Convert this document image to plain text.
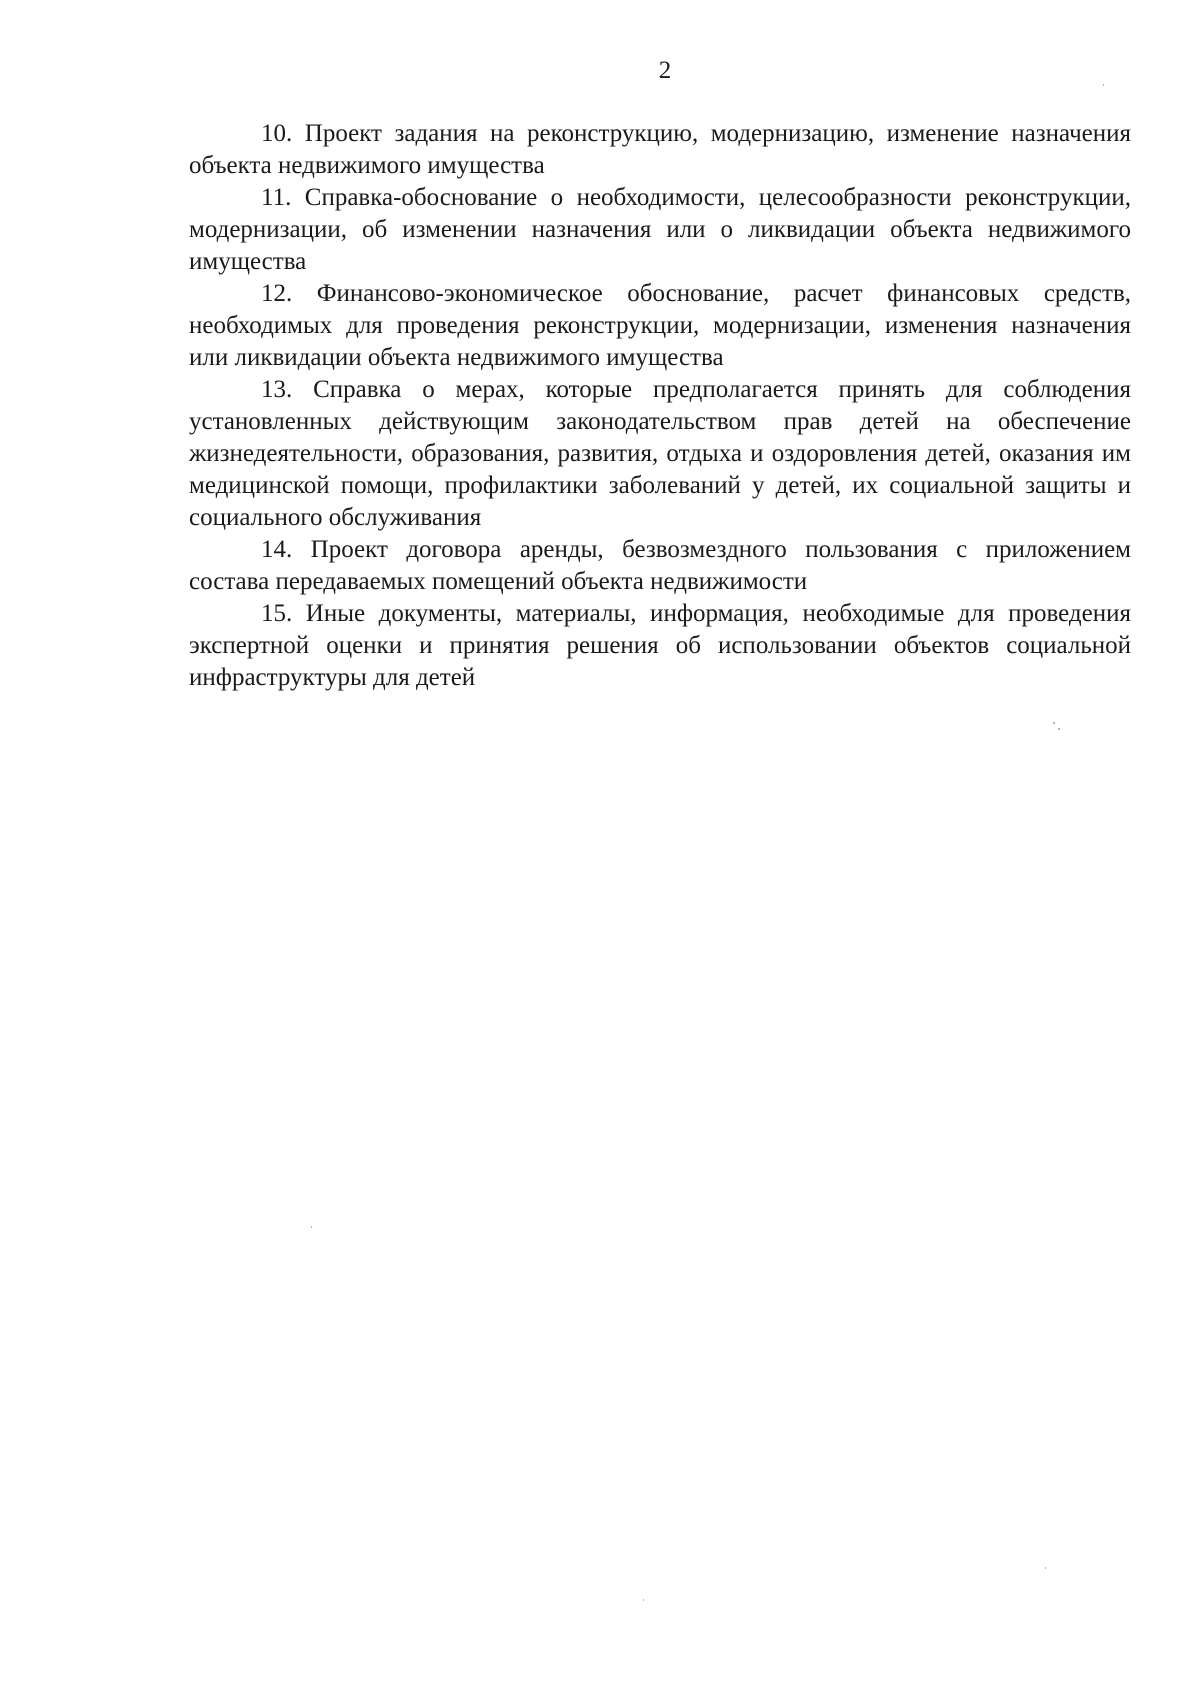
2

10. Проект задания на реконструкцию, модернизацию, изменение назначения объекта недвижимого имущества

11. Справка-обоснование о необходимости, целесообразности реконструкции, модернизации, об изменении назначения или о ликвидации объекта недвижимого имущества

12. Финансово-экономическое обоснование, расчет финансовых средств, необходимых для проведения реконструкции, модернизации, изменения назначения или ликвидации объекта недвижимого имущества

13. Справка о мерах, которые предполагается принять для соблюдения установленных действующим законодательством прав детей на обеспечение жизнедеятельности, образования, развития, отдыха и оздоровления детей, оказания им медицинской помощи, профилактики заболеваний у детей, их социальной защиты и социального обслуживания

14. Проект договора аренды, безвозмездного пользования с приложением состава передаваемых помещений объекта недвижимости

15. Иные документы, материалы, информация, необходимые для проведения экспертной оценки и принятия решения об использовании объектов социальной инфраструктуры для детей
